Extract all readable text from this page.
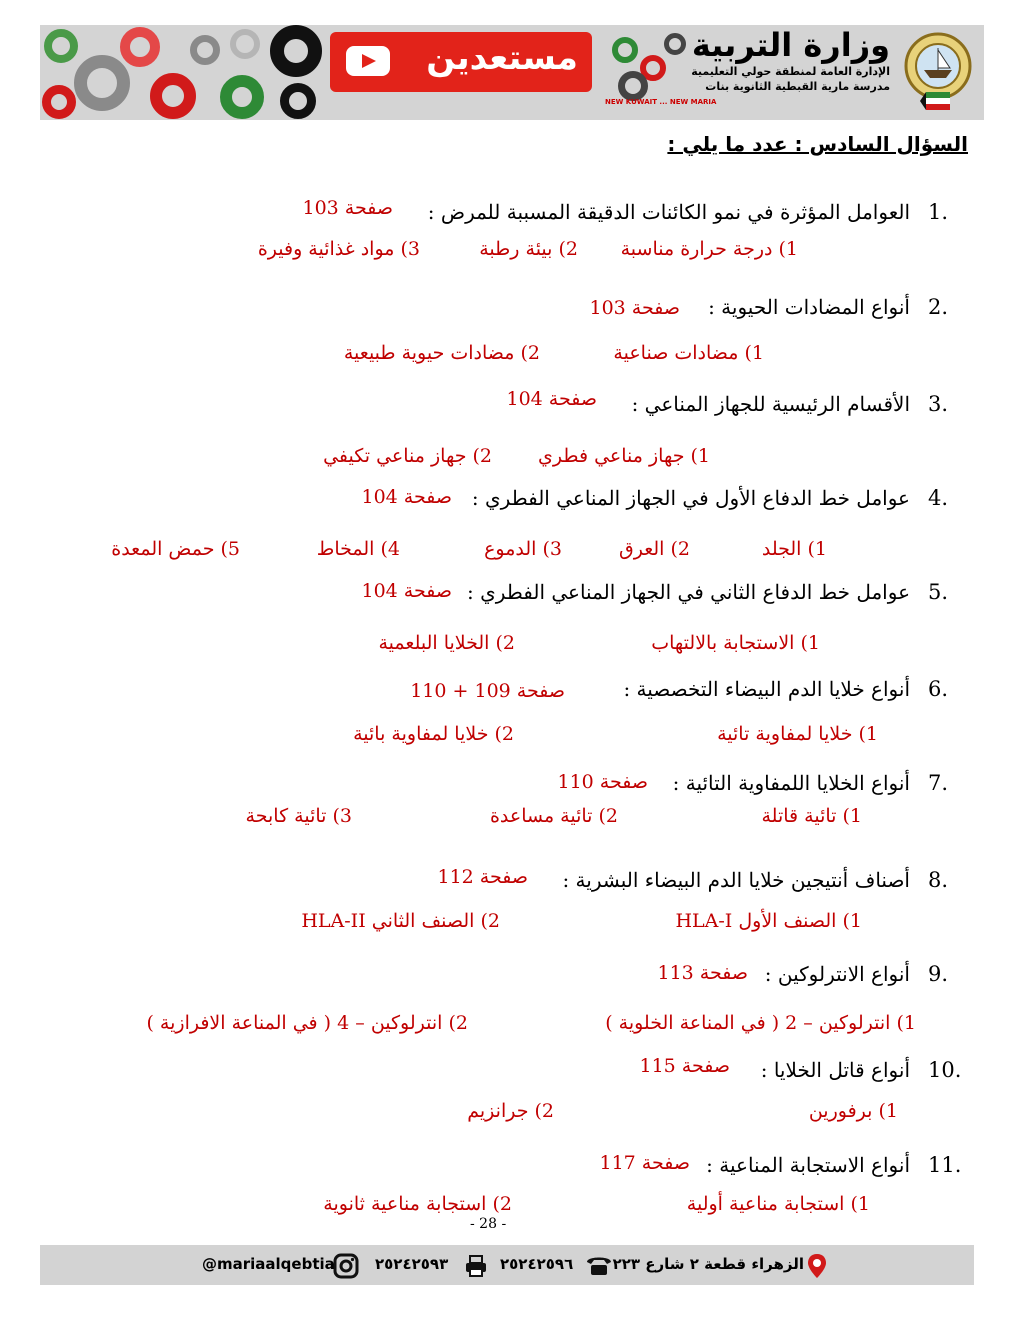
مستعدين
NEW KUWAIT ... NEW MARIA
وزارة التربية
الإدارة العامة لمنطقة حولي التعليمية
مدرسة مارية القبطية الثانوية بنات
السؤال السادس : عدد ما يلي :
1.
العوامل المؤثرة في نمو الكائنات الدقيقة المسببة للمرض :
صفحة 103
1) درجة حرارة مناسبة
2) بيئة رطبة
3) مواد غذائية وفيرة
2.
أنواع المضادات الحيوية :
صفحة 103
1) مضادات صناعية
2) مضادات حيوية طبيعية
3.
الأقسام الرئيسية للجهاز المناعي :
صفحة 104
1) جهاز مناعي فطري
2) جهاز مناعي تكيفي
4.
عوامل خط الدفاع الأول في الجهاز المناعي الفطري :
صفحة 104
1) الجلد
2) العرق
3) الدموع
4) المخاط
5) حمض المعدة
5.
عوامل خط الدفاع الثاني في الجهاز المناعي الفطري :
صفحة 104
1) الاستجابة بالالتهاب
2) الخلايا البلعمية
6.
أنواع خلايا الدم البيضاء التخصصية :
صفحة 109 + 110
1) خلايا لمفاوية تائية
2) خلايا لمفاوية بائية
7.
أنواع الخلايا اللمفاوية التائية :
صفحة 110
1) تائية قاتلة
2) تائية مساعدة
3) تائية كابحة
8.
أصناف أنتيجين خلايا الدم البيضاء البشرية :
صفحة 112
1) الصنف الأول HLA-I
2) الصنف الثاني HLA-II
9.
أنواع الانترلوكين :
صفحة 113
1) انترلوكين – 2 ( في المناعة الخلوية )
2) انترلوكين – 4 ( في المناعة الافرازية )
10.
أنواع قاتل الخلايا :
صفحة 115
1) برفورين
2) جرانزيم
11.
أنواع الاستجابة المناعية :
صفحة 117
1) استجابة مناعية أولية
2) استجابة مناعية ثانوية
- 28 -
الزهراء قطعة ٢ شارع ٢٢٣
٢٥٢٤٢٥٩٦
٢٥٢٤٢٥٩٣
@mariaalqebtia
